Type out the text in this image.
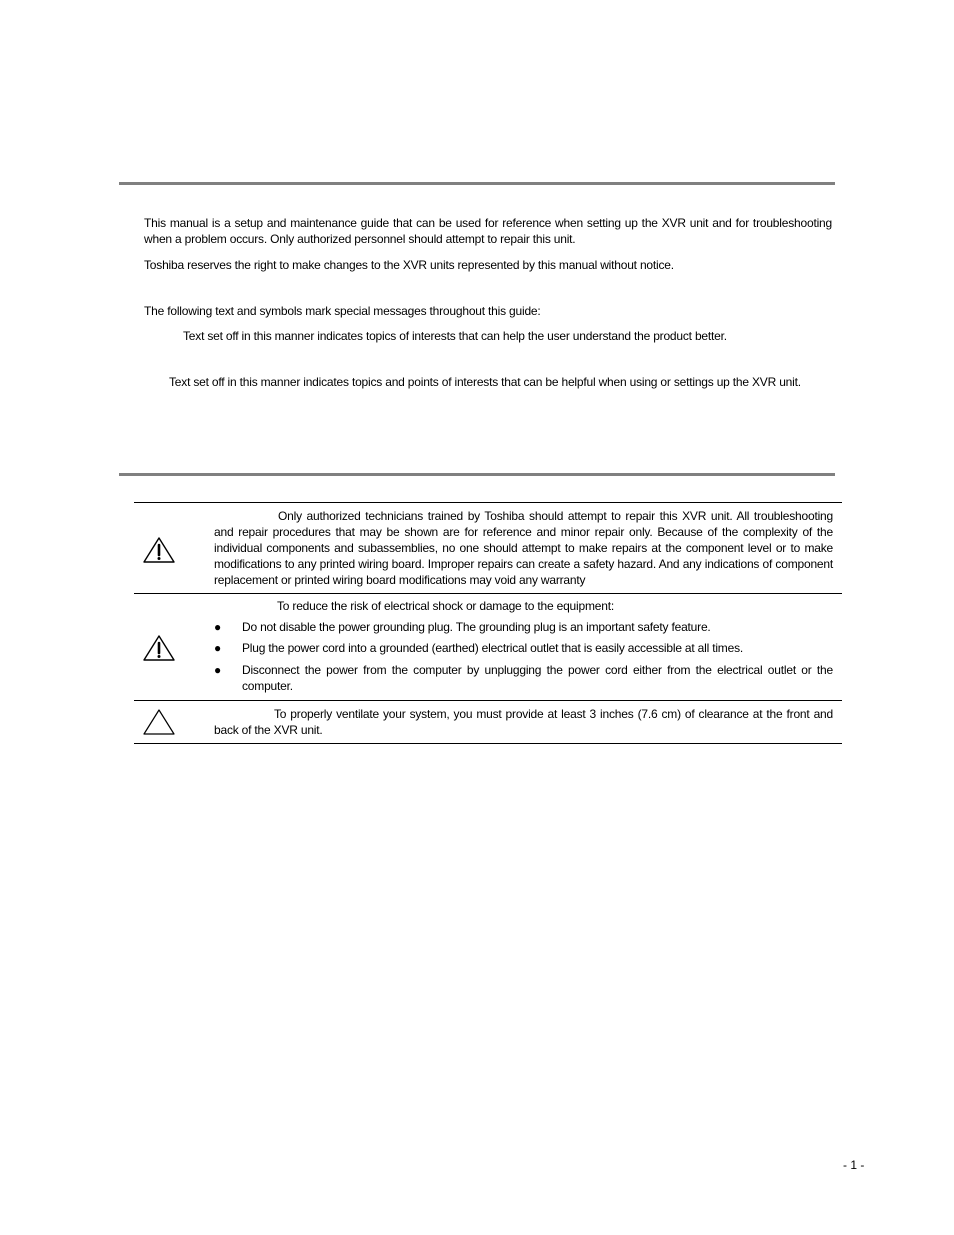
This manual is a setup and maintenance guide that can be used for reference when setting up the XVR unit and for troubleshooting when a problem occurs. Only authorized personnel should attempt to repair this unit.
Toshiba reserves the right to make changes to the XVR units represented by this manual without notice.
The following text and symbols mark special messages throughout this guide:
Text set off in this manner indicates topics of interests that can help the user understand the product better.
Text set off in this manner indicates topics and points of interests that can be helpful when using or settings up the XVR unit.
Only authorized technicians trained by Toshiba should attempt to repair this XVR unit. All troubleshooting and repair procedures that may be shown are for reference and minor repair only. Because of the complexity of the individual components and subassemblies, no one should attempt to make repairs at the component level or to make modifications to any printed wiring board. Improper repairs can create a safety hazard. And any indications of component replacement or printed wiring board modifications may void any warranty
To reduce the risk of electrical shock or damage to the equipment:
● Do not disable the power grounding plug. The grounding plug is an important safety feature.
● Plug the power cord into a grounded (earthed) electrical outlet that is easily accessible at all times.
● Disconnect the power from the computer by unplugging the power cord either from the electrical outlet or the computer.
To properly ventilate your system, you must provide at least 3 inches (7.6 cm) of clearance at the front and back of the XVR unit.
- 1 -
